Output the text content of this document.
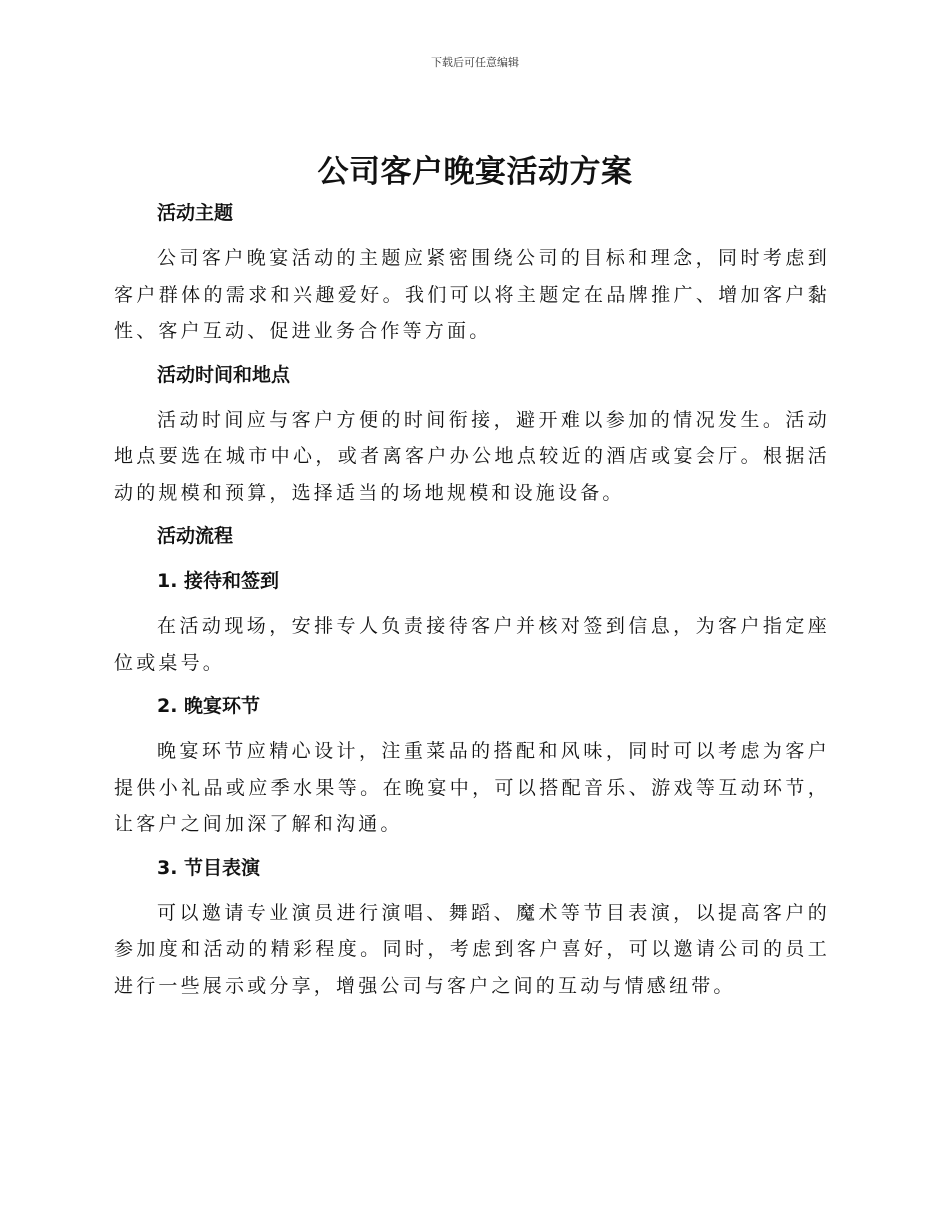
下载后可任意编辑
公司客户晚宴活动方案
活动主题

公司客户晚宴活动的主题应紧密围绕公司的目标和理念，同时考虑到客户群体的需求和兴趣爱好。我们可以将主题定在品牌推广、增加客户黏性、客户互动、促进业务合作等方面。

活动时间和地点

活动时间应与客户方便的时间衔接，避开难以参加的情况发生。活动地点要选在城市中心，或者离客户办公地点较近的酒店或宴会厅。根据活动的规模和预算，选择适当的场地规模和设施设备。

活动流程
1. 接待和签到

在活动现场，安排专人负责接待客户并核对签到信息，为客户指定座位或桌号。

2. 晚宴环节

晚宴环节应精心设计，注重菜品的搭配和风味，同时可以考虑为客户提供小礼品或应季水果等。在晚宴中，可以搭配音乐、游戏等互动环节，让客户之间加深了解和沟通。

3. 节目表演

可以邀请专业演员进行演唱、舞蹈、魔术等节目表演，以提高客户的参加度和活动的精彩程度。同时，考虑到客户喜好，可以邀请公司的员工进行一些展示或分享，增强公司与客户之间的互动与情感纽带。
